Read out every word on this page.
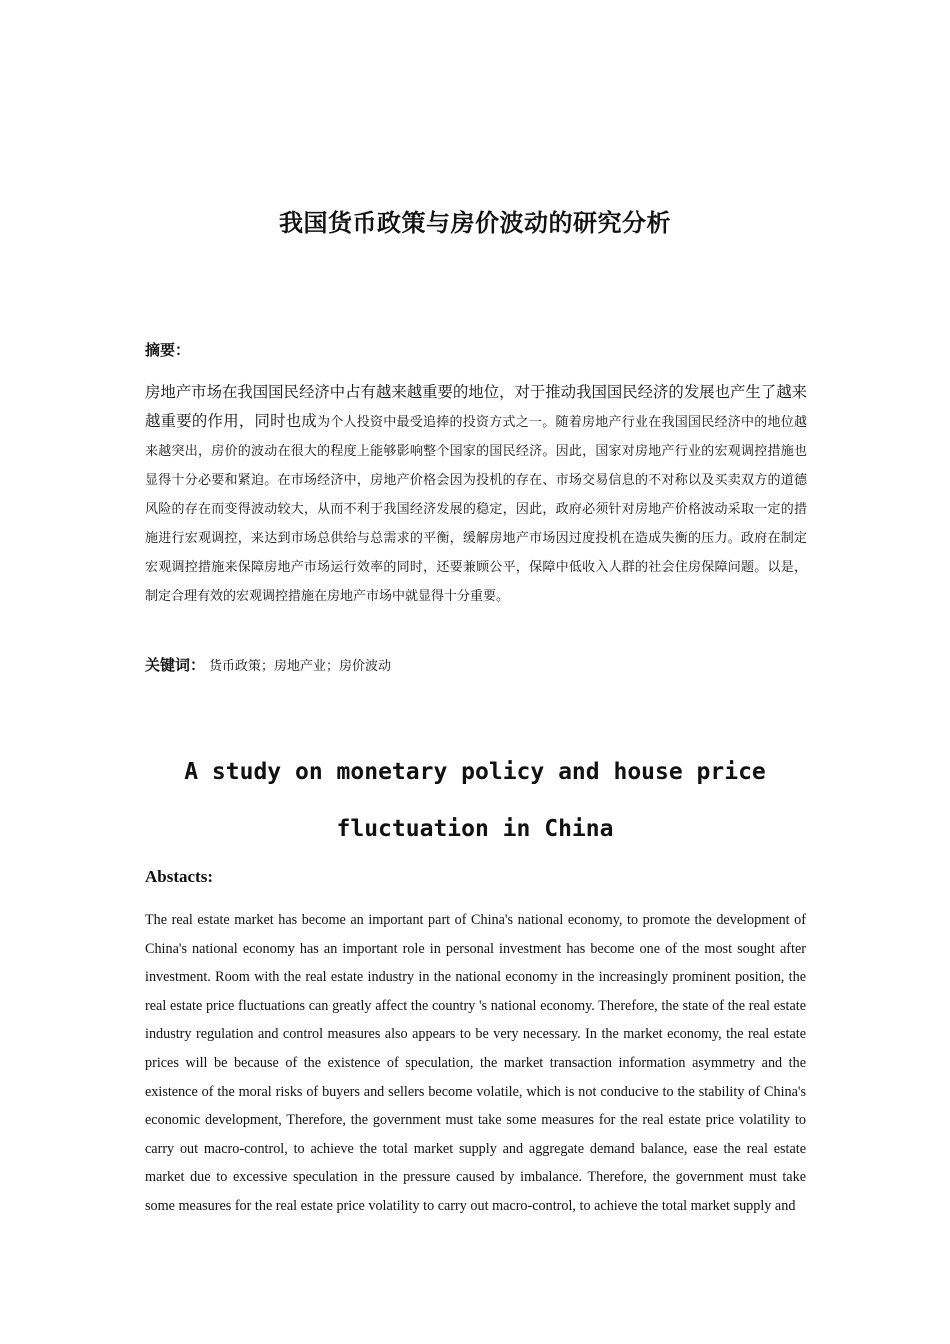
我国货币政策与房价波动的研究分析
摘要：
房地产市场在我国国民经济中占有越来越重要的地位，对于推动我国国民经济的发展也产生了越来越重要的作用，同时也成为个人投资中最受追捧的投资方式之一。随着房地产行业在我国国民经济中的地位越来越突出，房价的波动在很大的程度上能够影响整个国家的国民经济。因此，国家对房地产行业的宏观调控措施也显得十分必要和紧迫。在市场经济中，房地产价格会因为投机的存在、市场交易信息的不对称以及买卖双方的道德风险的存在而变得波动较大，从而不利于我国经济发展的稳定，因此，政府必须针对房地产价格波动采取一定的措施进行宏观调控，来达到市场总供给与总需求的平衡，缓解房地产市场因过度投机在造成失衡的压力。政府在制定宏观调控措施来保障房地产市场运行效率的同时，还要兼顾公平，保障中低收入人群的社会住房保障问题。以是，制定合理有效的宏观调控措施在房地产市场中就显得十分重要。
关键词： 货币政策；房地产业；房价波动
A study on monetary policy and house price
fluctuation in China
Abstacts:
The real estate market has become an important part of China's national economy, to promote the development of China's national economy has an important role in personal investment has become one of the most sought after investment. Room with the real estate industry in the national economy in the increasingly prominent position, the real estate price fluctuations can greatly affect the country 's national economy. Therefore, the state of the real estate industry regulation and control measures also appears to be very necessary. In the market economy, the real estate prices will be because of the existence of speculation, the market transaction information asymmetry and the existence of the moral risks of buyers and sellers become volatile, which is not conducive to the stability of China's economic development, Therefore, the government must take some measures for the real estate price volatility to carry out macro-control, to achieve the total market supply and aggregate demand balance, ease the real estate market due to excessive speculation in the pressure caused by imbalance. Therefore, the government must take some measures for the real estate price volatility to carry out macro-control, to achieve the total market supply and
